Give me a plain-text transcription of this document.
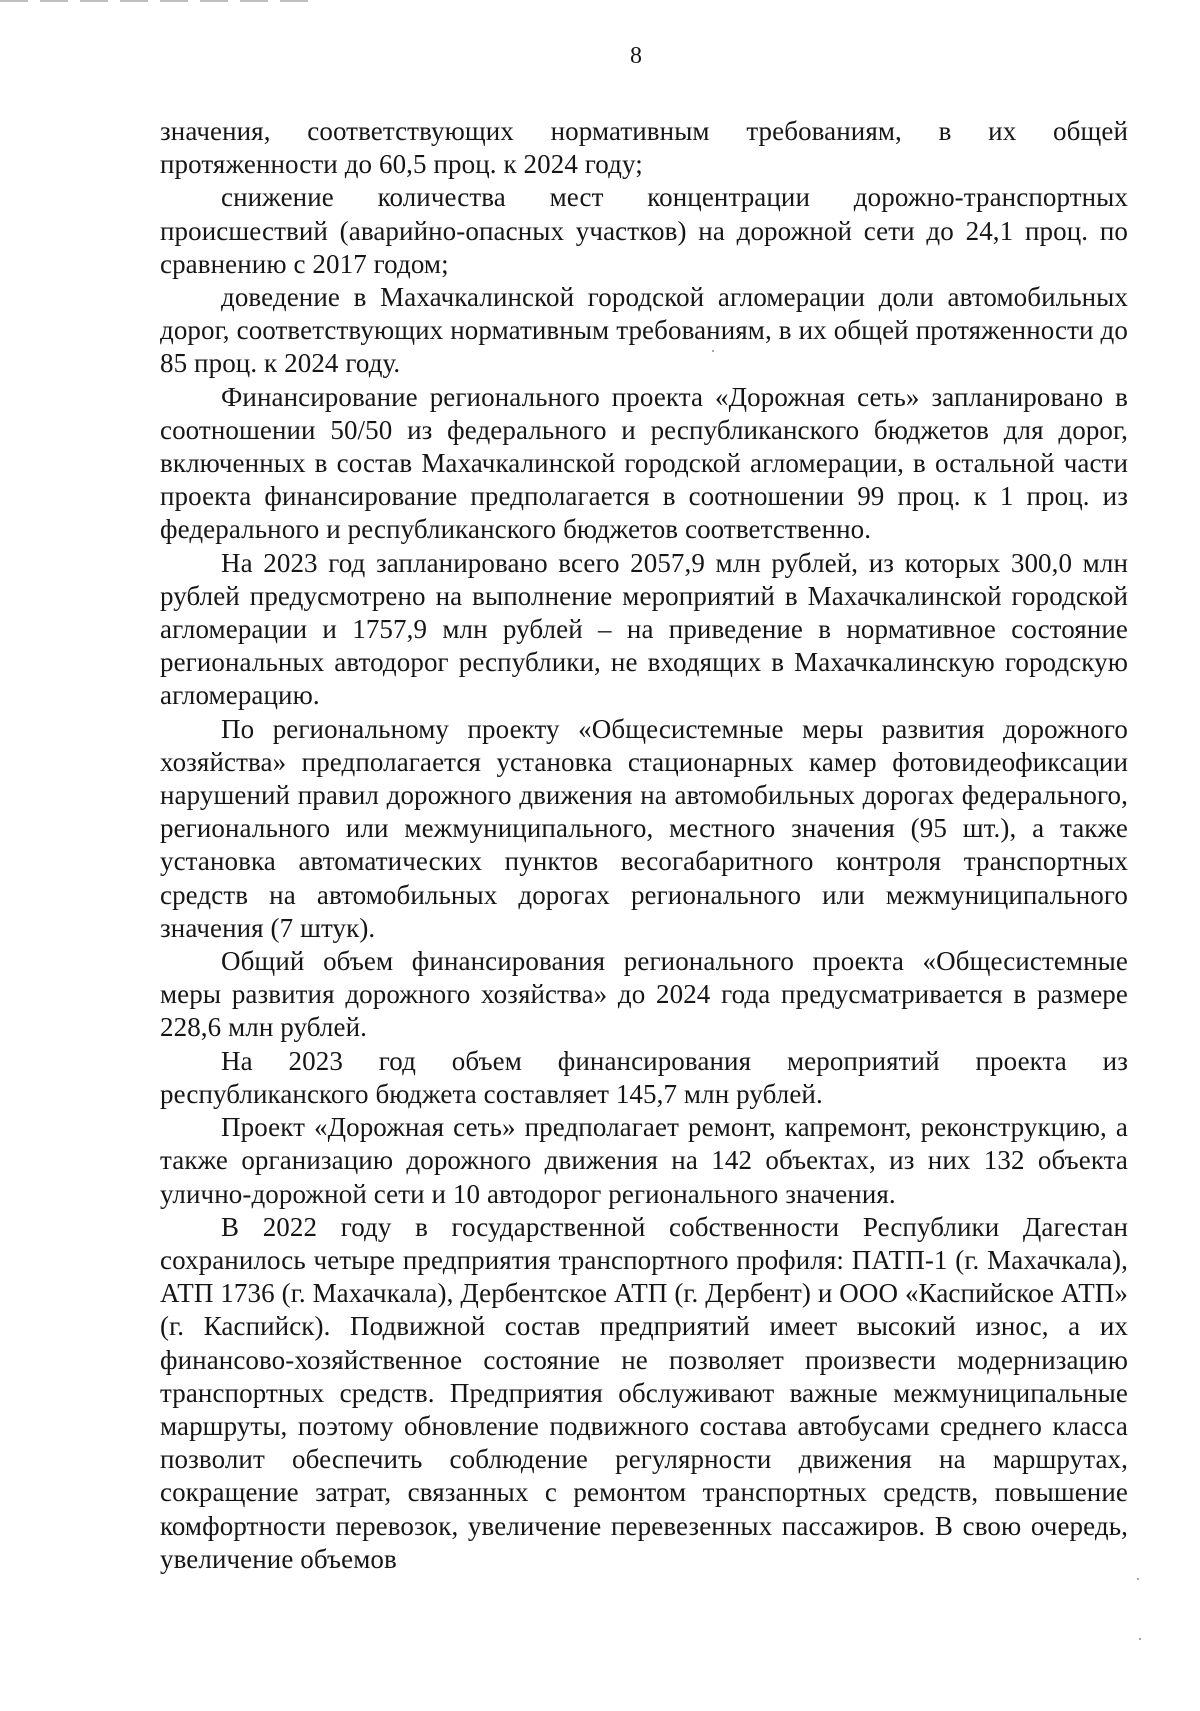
8

значения, соответствующих нормативным требованиям, в их общей протяженности до 60,5 проц. к 2024 году;

снижение количества мест концентрации дорожно-транспортных происшествий (аварийно-опасных участков) на дорожной сети до 24,1 проц. по сравнению с 2017 годом;

доведение в Махачкалинской городской агломерации доли автомобильных дорог, соответствующих нормативным требованиям, в их общей протяженности до 85 проц. к 2024 году.

Финансирование регионального проекта «Дорожная сеть» запланировано в соотношении 50/50 из федерального и республиканского бюджетов для дорог, включенных в состав Махачкалинской городской агломерации, в остальной части проекта финансирование предполагается в соотношении 99 проц. к 1 проц. из федерального и республиканского бюджетов соответственно.

На 2023 год запланировано всего 2057,9 млн рублей, из которых 300,0 млн рублей предусмотрено на выполнение мероприятий в Махачкалинской городской агломерации и 1757,9 млн рублей – на приведение в нормативное состояние региональных автодорог республики, не входящих в Махачкалинскую городскую агломерацию.

По региональному проекту «Общесистемные меры развития дорожного хозяйства» предполагается установка стационарных камер фотовидеофиксации нарушений правил дорожного движения на автомобильных дорогах федерального, регионального или межмуниципального, местного значения (95 шт.), а также установка автоматических пунктов весогабаритного контроля транспортных средств на автомобильных дорогах регионального или межмуниципального значения (7 штук).

Общий объем финансирования регионального проекта «Общесистемные меры развития дорожного хозяйства» до 2024 года предусматривается в размере 228,6 млн рублей.

На 2023 год объем финансирования мероприятий проекта из республиканского бюджета составляет 145,7 млн рублей.

Проект «Дорожная сеть» предполагает ремонт, капремонт, реконструкцию, а также организацию дорожного движения на 142 объектах, из них 132 объекта улично-дорожной сети и 10 автодорог регионального значения.

В 2022 году в государственной собственности Республики Дагестан сохранилось четыре предприятия транспортного профиля: ПАТП-1 (г. Махачкала), АТП 1736 (г. Махачкала), Дербентское АТП (г. Дербент) и ООО «Каспийское АТП» (г. Каспийск). Подвижной состав предприятий имеет высокий износ, а их финансово-хозяйственное состояние не позволяет произвести модернизацию транспортных средств. Предприятия обслуживают важные межмуниципальные маршруты, поэтому обновление подвижного состава автобусами среднего класса позволит обеспечить соблюдение регулярности движения на маршрутах, сокращение затрат, связанных с ремонтом транспортных средств, повышение комфортности перевозок, увеличение перевезенных пассажиров. В свою очередь, увеличение объемов
